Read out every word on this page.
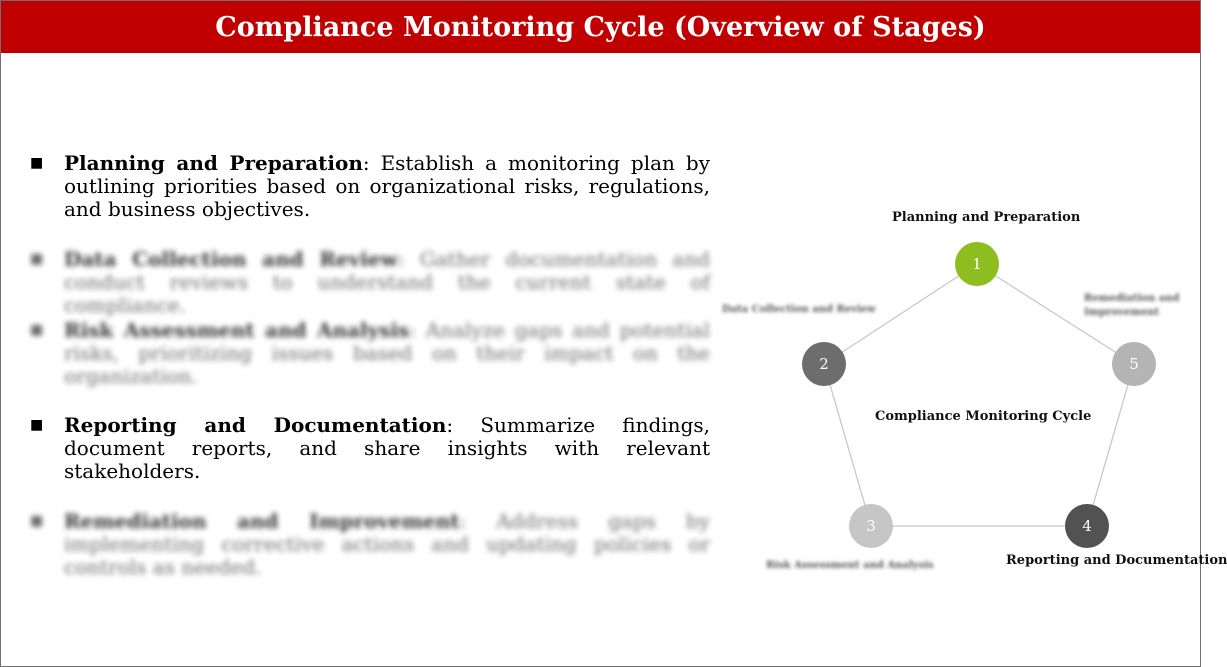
Compliance Monitoring Cycle (Overview of Stages)
■	Planning and Preparation: Establish a monitoring plan by outlining priorities based on organizational risks, regulations, and business objectives.
■	Data Collection and Review: Gather documentation and conduct reviews to understand the current state of compliance.
■	Risk Assessment and Analysis: Analyze gaps and potential risks, prioritizing issues based on their impact on the organization.
■	Reporting and Documentation: Summarize findings, document reports, and share insights with relevant stakeholders.
■	Remediation and Improvement: Address gaps by implementing corrective actions and updating policies or controls as needed.
1
2
3	4
5
Planning and Preparation
Data Collection and Review
Risk Assessment and Analysis	Reporting and Documentation
Remediation and Improvement
Compliance Monitoring Cycle
